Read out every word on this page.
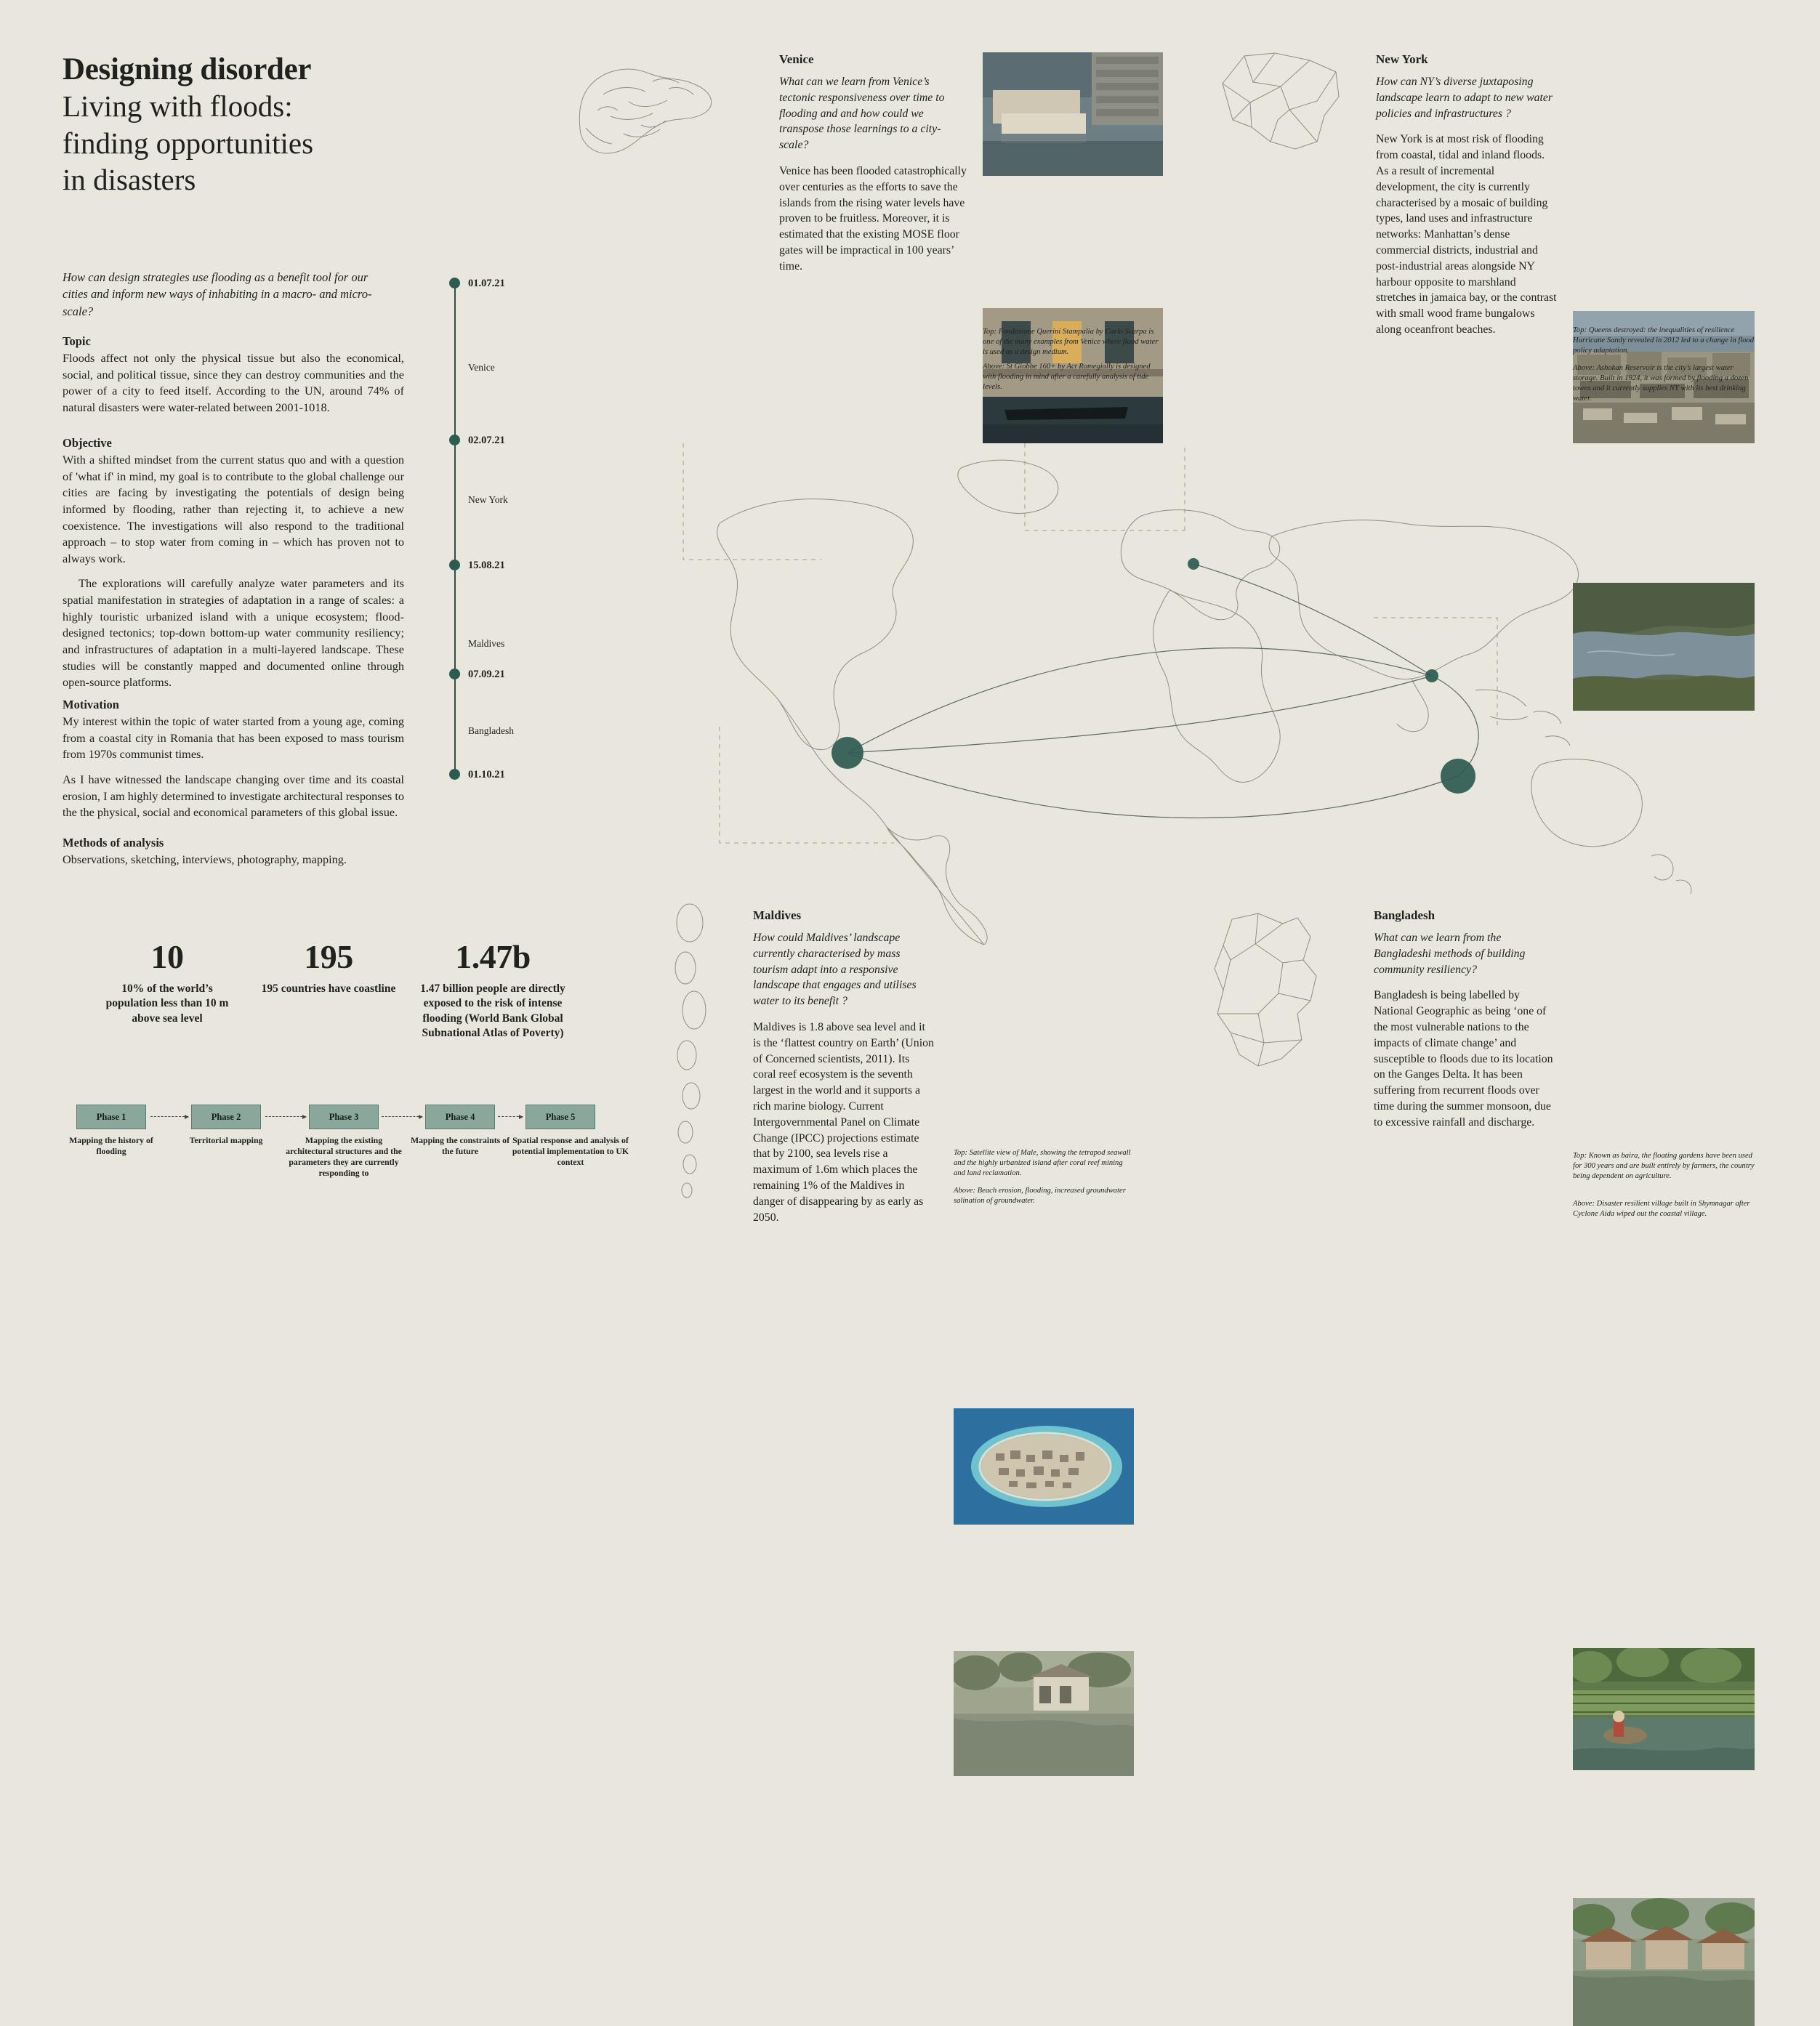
Designing disorder
Living with floods:
finding opportunities
in disasters
How can design strategies use flooding as a benefit tool for our cities and inform new ways of inhabiting in a macro- and micro-scale?
Topic

Floods affect not only the physical tissue but also the economical, social, and political tissue, since they can destroy communities and the power of a city to feed itself. According to the UN, around 74% of natural disasters were water-related between 2001-1018.

Objective

With a shifted mindset from the current status quo and with a question of 'what if' in mind, my goal is to contribute to the global challenge our cities are facing by investigating the potentials of design being informed by flooding, rather than rejecting it, to achieve a new coexistence. The investigations will also respond to the traditional approach – to stop water from coming in – which has proven not to always work.

The explorations will carefully analyze water parameters and its spatial manifestation in strategies of adaptation in a range of scales: a highly touristic urbanized island with a unique ecosystem; flood-designed tectonics; top-down bottom-up water community resiliency; and infrastructures of adaptation in a multi-layered landscape. These studies will be constantly mapped and documented online through open-source platforms.

Motivation

My interest within the topic of water started from a young age, coming from a coastal city in Romania that has been exposed to mass tourism from 1970s communist times.

As I have witnessed the landscape changing over time and its coastal erosion, I am highly determined to investigate architectural responses to the the physical, social and economical parameters of this global issue.

Methods of analysis

Observations, sketching, interviews, photography, mapping.

01.07.21
Venice
02.07.21
New York
15.08.21
Maldives
07.09.21
Bangladesh
01.10.21
10
10% of the world’s population less than 10 m above sea level
195
195 countries have coastline
1.47b
1.47 billion people are directly exposed to the risk of intense flooding (World Bank Global Subnational Atlas of Poverty)
Phase 1
Mapping the history of flooding
Phase 2
Territorial mapping
Phase 3
Mapping the existing architectural structures and the parameters they are currently responding to
Phase 4
Mapping the constraints of the future
Phase 5
Spatial response and analysis of potential implementation to UK context
Venice

What can we learn from Venice’s tectonic responsiveness over time to flooding and and how could we transpose those learnings to a city-scale?

Venice has been flooded catastrophically over centuries as the efforts to save the islands from the rising water levels have proven to be fruitless. Moreover, it is estimated that the existing MOSE floor gates will be impractical in 100 years’ time.

Top: Fondazione Querini Stampalia by Carlo Scarpa is one of the many examples from Venice where flood water is used as a design medium.
Above: St Giobbe 160+ by Act Romegially is designed with flooding in mind after a carefully analysis of tide levels.
New York

How can NY’s diverse juxtaposing landscape learn to adapt to new water policies and infrastructures ?

New York is at most risk of flooding from coastal, tidal and inland floods. As a result of incremental development, the city is currently characterised by a mosaic of building types, land uses and infrastructure networks: Manhattan’s dense commercial districts, industrial and post-industrial areas alongside NY harbour opposite to marshland stretches in jamaica bay, or the contrast with small wood frame bungalows along oceanfront beaches.	Top: Queens destroyed: the inequalities of resilience Hurricane Sandy revealed in 2012 led to a change in flood policy adaptation.
Above: Ashokan Reservoir is the city’s largest water storage. Built in 1924, it was formed by flooding a dozen towns and it currently supplies NY with its best drinking water.
Maldives

How could Maldives’ landscape currently characterised by mass tourism adapt into a responsive landscape that engages and utilises water to its benefit ?

Maldives is 1.8 above sea level and it is the ‘flattest country on Earth’ (Union of Concerned scientists, 2011). Its coral reef ecosystem is the seventh largest in the world and it supports a rich marine biology. Current Intergovernmental Panel on Climate Change (IPCC) projections estimate that by 2100, sea levels rise a maximum of 1.6m which places the remaining 1% of the Maldives in danger of disappearing by as early as 2050.

Top: Satellite view of Male, showing the tetrapod seawall and the highly urbanized island after coral reef mining and land reclamation.
Above: Beach erosion, flooding, increased groundwater salination of groundwater.
Bangladesh

What can we learn from the Bangladeshi methods of building community resiliency?

Bangladesh is being labelled by National Geographic as being ‘one of the most vulnerable nations to the impacts of climate change’ and susceptible to floods due to its location on the Ganges Delta. It has been suffering from recurrent floods over time during the summer monsoon, due to excessive rainfall and discharge.

Top: Known as baira, the floating gardens have been used for 300 years and are built entirely by farmers, the country being dependent on agriculture.
Above: Disaster resilient village built in Shymnagar after Cyclone Aida wiped out the coastal village.
